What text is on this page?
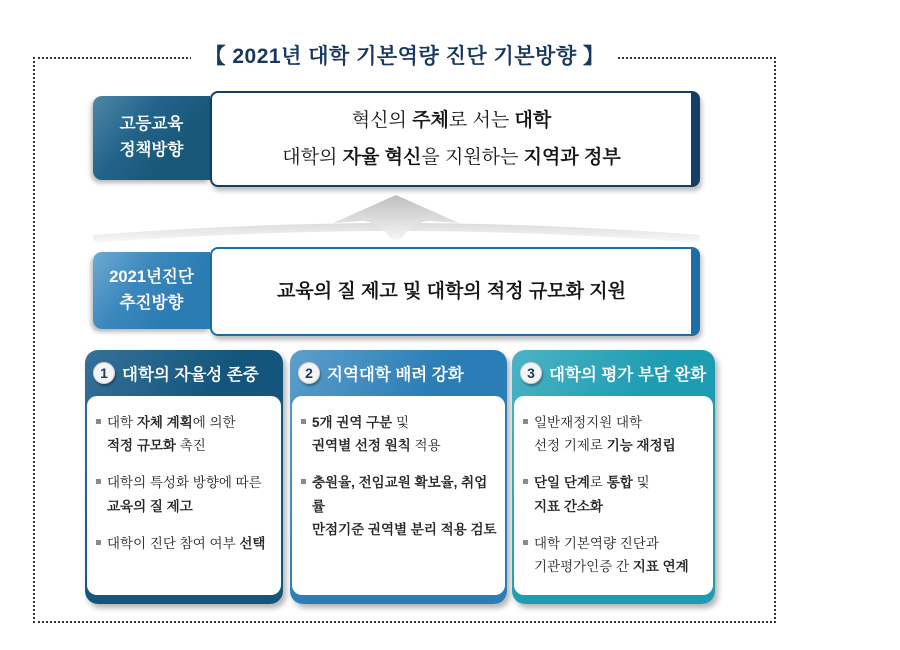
【 2021년 대학 기본역량 진단 기본방향 】
고등교육
정책방향
혁신의 주체로 서는 대학
대학의 자율 혁신을 지원하는 지역과 정부
2021년진단
추진방향
교육의 질 제고 및 대학의 적정 규모화 지원
1 대학의 자율성 존중
대학 자체 계획에 의한
적정 규모화 촉진
대학의 특성화 방향에 따른
교육의 질 제고
대학이 진단 참여 여부 선택
2 지역대학 배려 강화
5개 권역 구분 및
권역별 선정 원칙 적용
충원율, 전임교원 확보율, 취업률
만점기준 권역별 분리 적용 검토
3 대학의 평가 부담 완화
일반재정지원 대학
선정 기제로 기능 재정립
단일 단계로 통합 및
지표 간소화
대학 기본역량 진단과
기관평가인증 간 지표 연계
